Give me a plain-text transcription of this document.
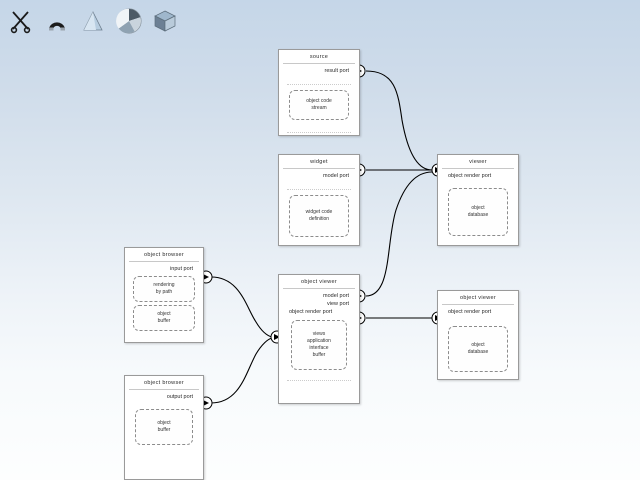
source
result port
object code
stream
widget
model port
widget code
definition
viewer
object render port
object
database
object browser
input port
rendering
by path
object
buffer
object viewer
model port
view port
object render port
views
application
interface
buffer
object viewer
object render port
object
database
object browser
output port
object
buffer
